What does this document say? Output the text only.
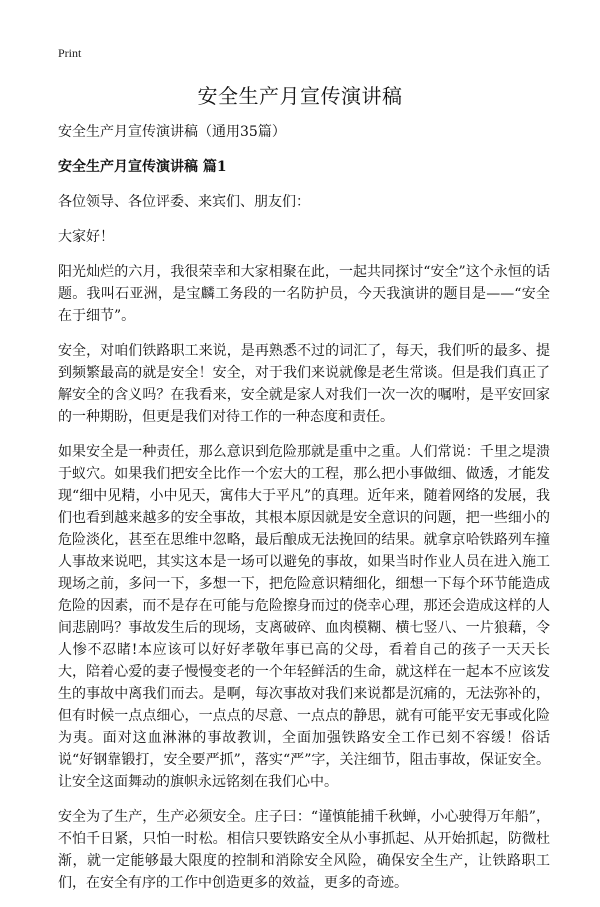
Print
安全生产月宣传演讲稿

安全生产月宣传演讲稿（通用35篇）

安全生产月宣传演讲稿 篇1

各位领导、各位评委、来宾们、朋友们：

大家好！

阳光灿烂的六月，我很荣幸和大家相聚在此，一起共同探讨“安全”这个永恒的话题。我叫石亚洲，是宝麟工务段的一名防护员，今天我演讲的题目是——“安全在于细节”。

安全，对咱们铁路职工来说，是再熟悉不过的词汇了，每天，我们听的最多、提到频繁最高的就是安全！安全，对于我们来说就像是老生常谈。但是我们真正了解安全的含义吗？在我看来，安全就是家人对我们一次一次的嘱咐，是平安回家的一种期盼，但更是我们对待工作的一种态度和责任。

如果安全是一种责任，那么意识到危险那就是重中之重。人们常说：千里之堤溃于蚁穴。如果我们把安全比作一个宏大的工程，那么把小事做细、做透，才能发现“细中见精，小中见天，寓伟大于平凡”的真理。近年来，随着网络的发展，我们也看到越来越多的安全事故，其根本原因就是安全意识的问题，把一些细小的危险淡化，甚至在思维中忽略，最后酿成无法挽回的结果。就拿京哈铁路列车撞人事故来说吧，其实这本是一场可以避免的事故，如果当时作业人员在进入施工现场之前，多问一下，多想一下，把危险意识精细化，细想一下每个环节能造成危险的因素，而不是存在可能与危险擦身而过的侥幸心理，那还会造成这样的人间悲剧吗？事故发生后的现场，支离破碎、血肉模糊、横七竖八、一片狼藉，令人惨不忍睹!本应该可以好好孝敬年事已高的父母，看着自己的孩子一天天长大，陪着心爱的妻子慢慢变老的一个年轻鲜活的生命，就这样在一起本不应该发生的事故中离我们而去。是啊，每次事故对我们来说都是沉痛的，无法弥补的，但有时候一点点细心，一点点的尽意、一点点的静思，就有可能平安无事或化险为夷。面对这血淋淋的事故教训，全面加强铁路安全工作已刻不容缓！俗话说“好钢靠锻打，安全要严抓”，落实“严”字，关注细节，阻击事故，保证安全。让安全这面舞动的旗帜永远铭刻在我们心中。

安全为了生产，生产必须安全。庄子曰：“谨慎能捕千秋蝉，小心驶得万年船”，不怕千日紧，只怕一时松。相信只要铁路安全从小事抓起、从开始抓起，防微杜渐，就一定能够最大限度的控制和消除安全风险，确保安全生产，让铁路职工们，在安全有序的工作中创造更多的效益，更多的奇迹。
